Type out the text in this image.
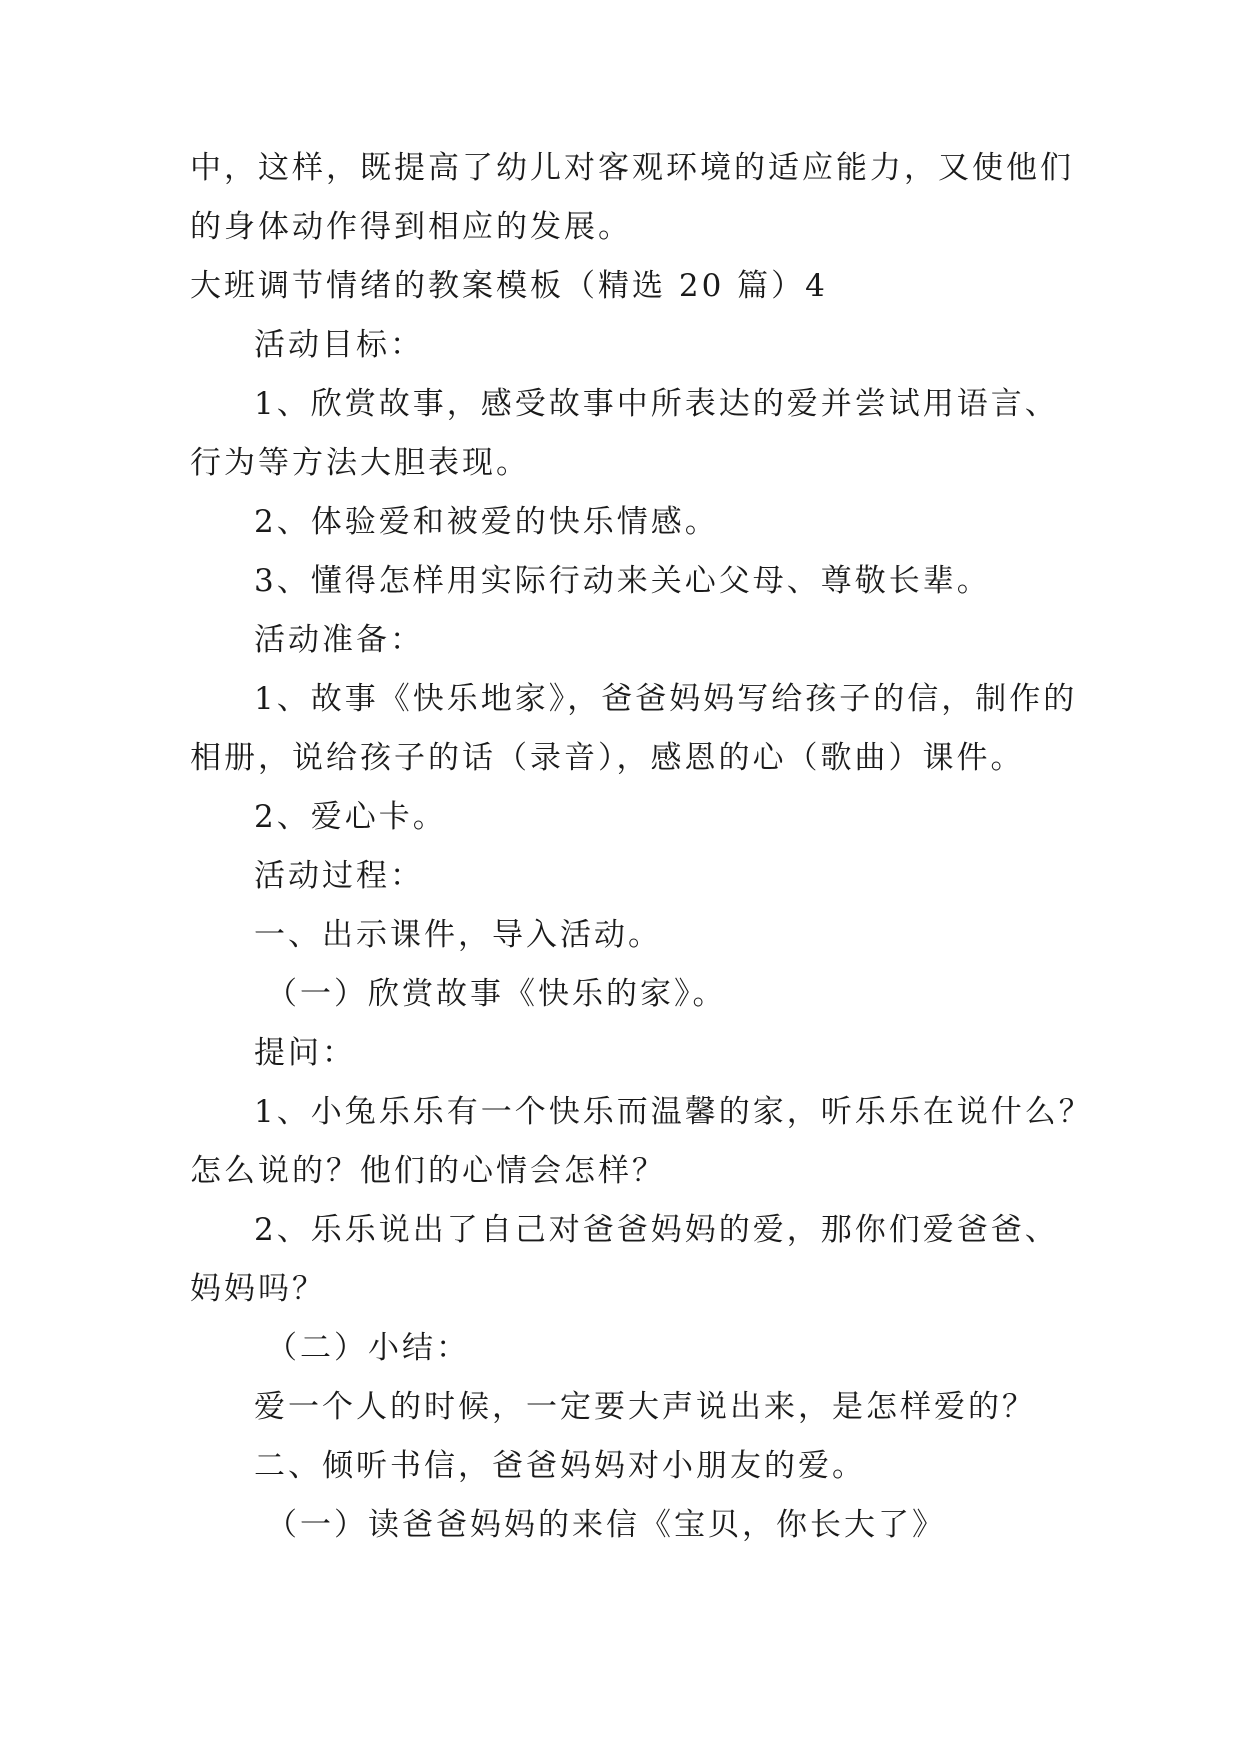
中，这样，既提高了幼儿对客观环境的适应能力，又使他们
的身体动作得到相应的发展。
大班调节情绪的教案模板（精选 20 篇）4
活动目标：
1、欣赏故事，感受故事中所表达的爱并尝试用语言、
行为等方法大胆表现。
2、体验爱和被爱的快乐情感。
3、懂得怎样用实际行动来关心父母、尊敬长辈。
活动准备：
1、故事《快乐地家》，爸爸妈妈写给孩子的信，制作的
相册，说给孩子的话（录音），感恩的心（歌曲）课件。
2、爱心卡。
活动过程：
一、出示课件，导入活动。
（一）欣赏故事《快乐的家》。
提问：
1、小兔乐乐有一个快乐而温馨的家，听乐乐在说什么？
怎么说的？他们的心情会怎样？
2、乐乐说出了自己对爸爸妈妈的爱，那你们爱爸爸、
妈妈吗？
（二）小结：
爱一个人的时候，一定要大声说出来，是怎样爱的？
二、倾听书信，爸爸妈妈对小朋友的爱。
（一）读爸爸妈妈的来信《宝贝，你长大了》
